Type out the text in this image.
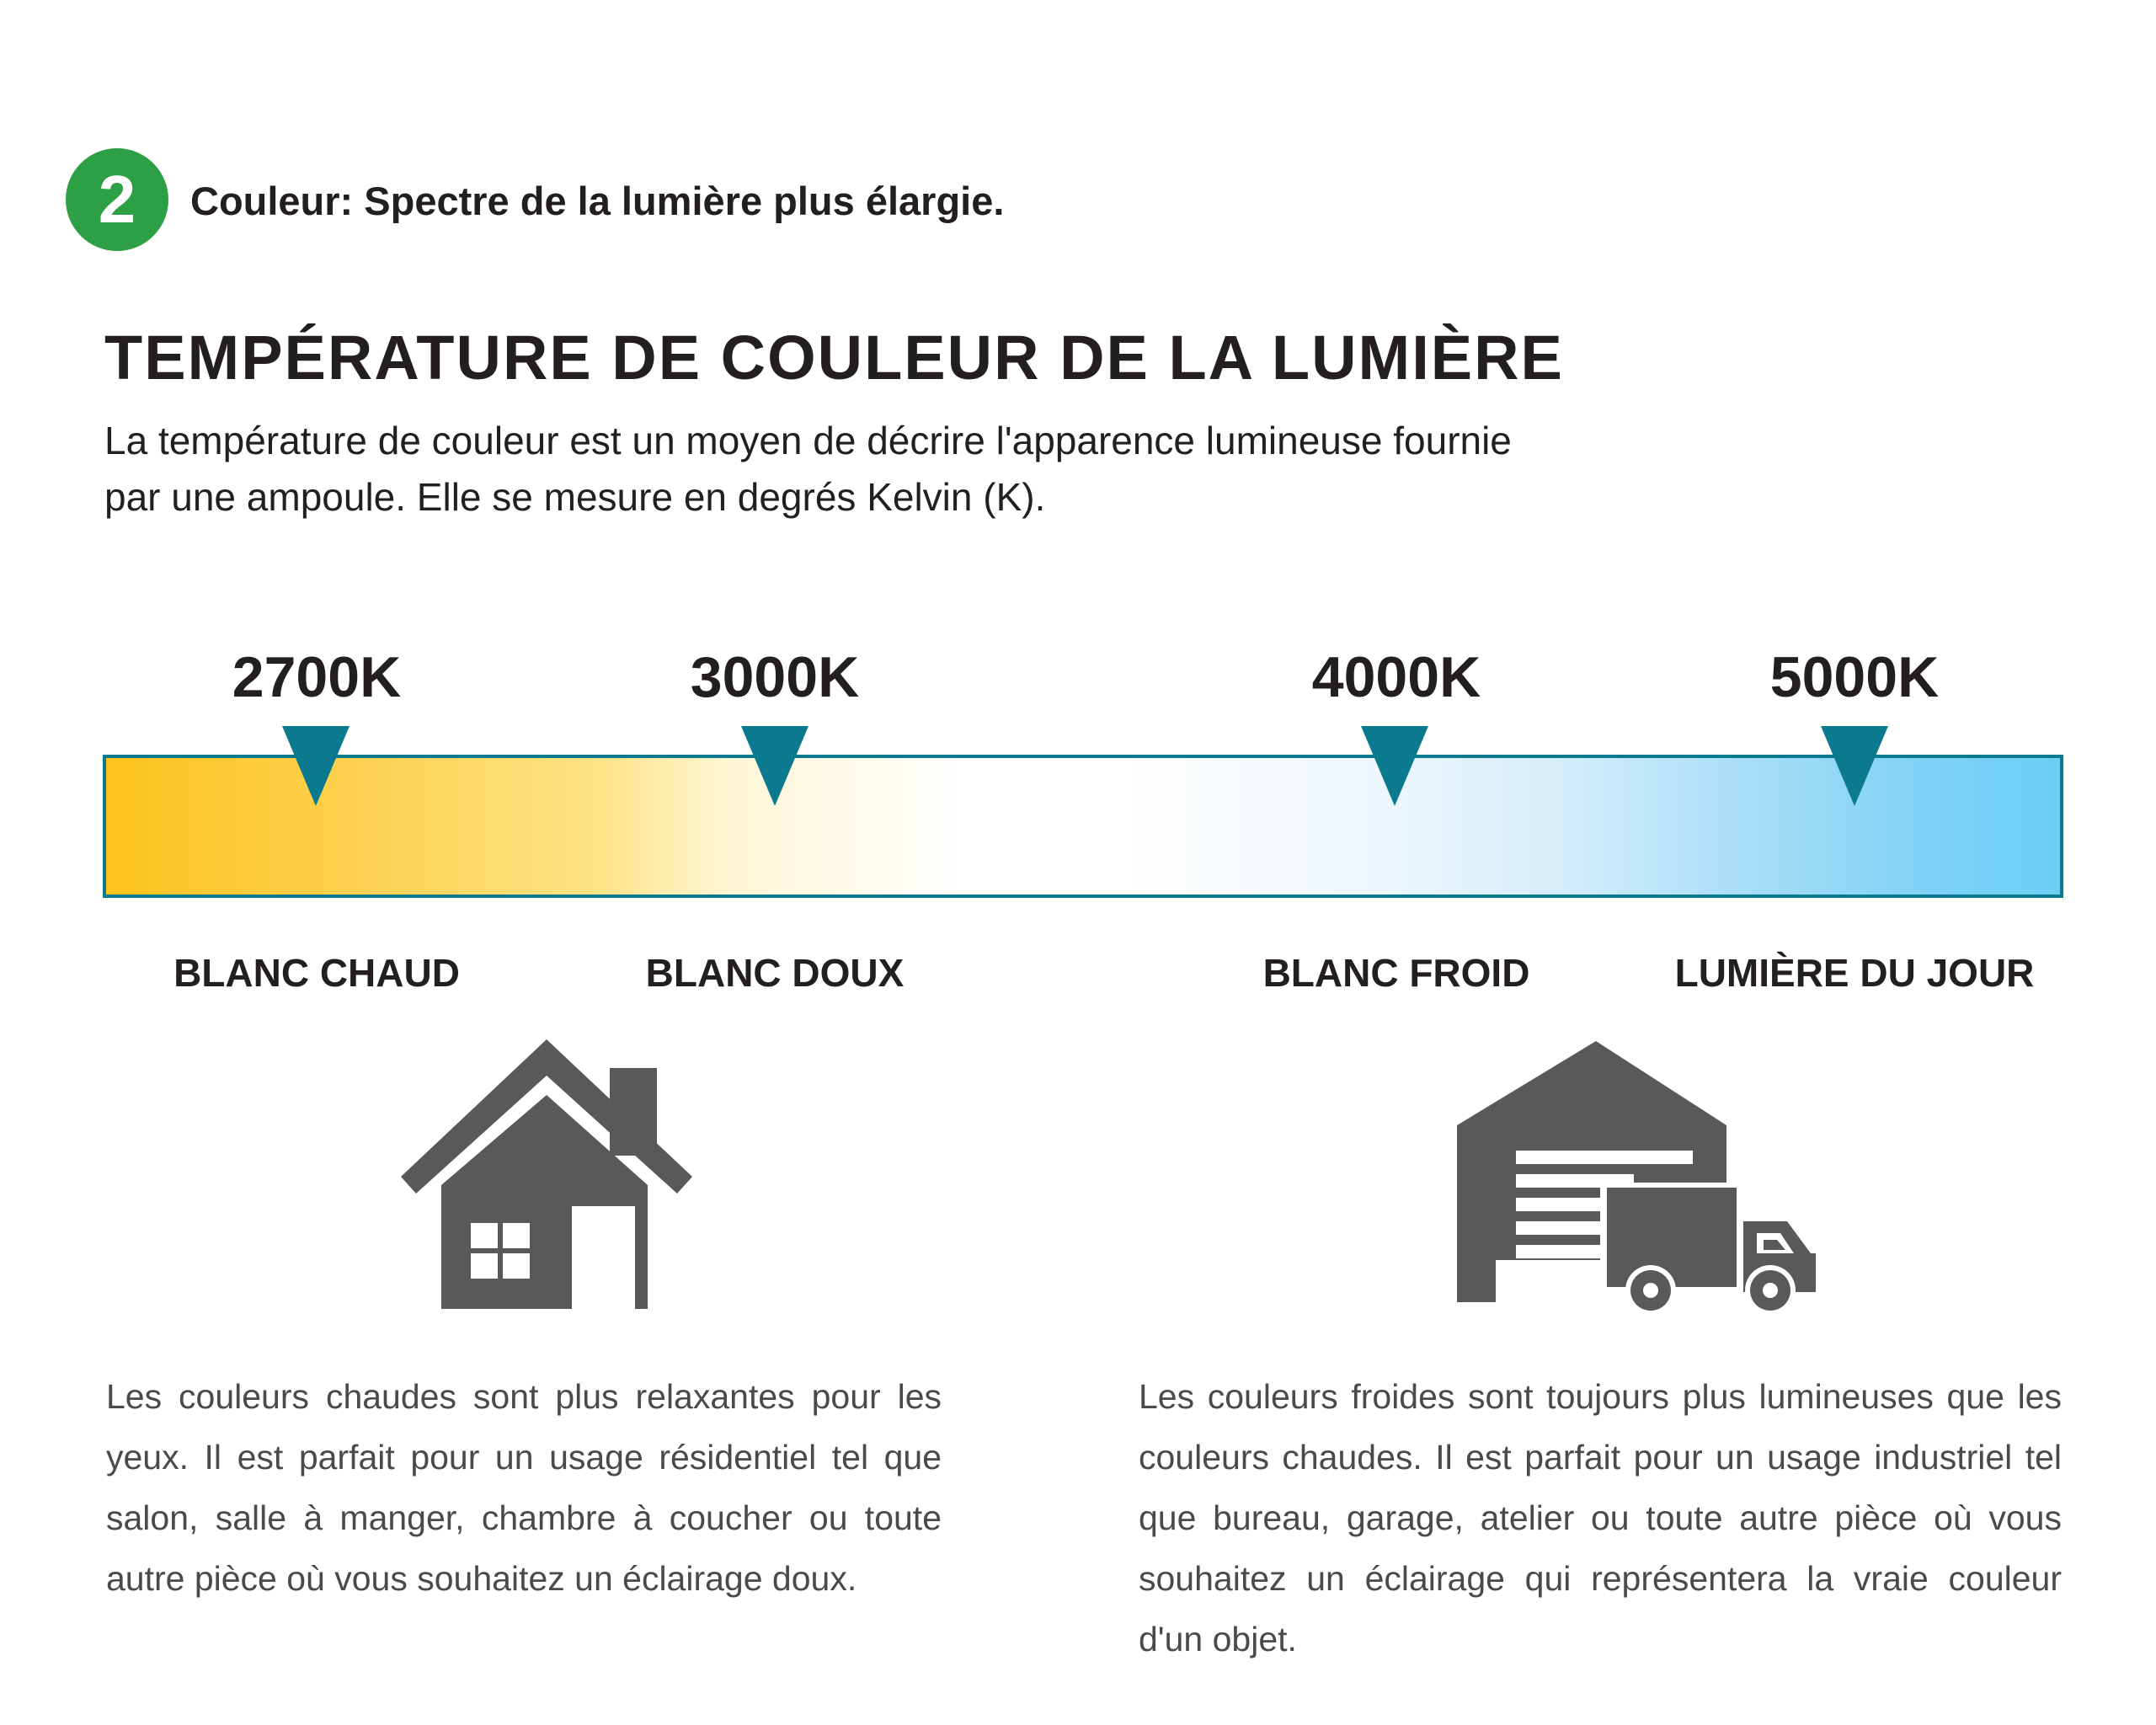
2	Couleur: Spectre de la lumière plus élargie.
TEMPÉRATURE DE COULEUR DE LA LUMIÈRE
La température de couleur est un moyen de décrire l'apparence lumineuse fournie
par une ampoule. Elle se mesure en degrés Kelvin (K).
2700K	3000K	4000K	5000K
BLANC CHAUD	BLANC DOUX	BLANC FROID	LUMIÈRE DU JOUR

Les couleurs chaudes sont plus relaxantes pour les yeux. Il est parfait pour un usage résidentiel tel que salon, salle à manger, chambre à coucher ou toute autre pièce où vous souhaitez un éclairage doux.

Les couleurs froides sont toujours plus lumineuses que les couleurs chaudes. Il est parfait pour un usage industriel tel que bureau, garage, atelier ou toute autre pièce où vous souhaitez un éclairage qui représentera la vraie couleur d'un objet.
